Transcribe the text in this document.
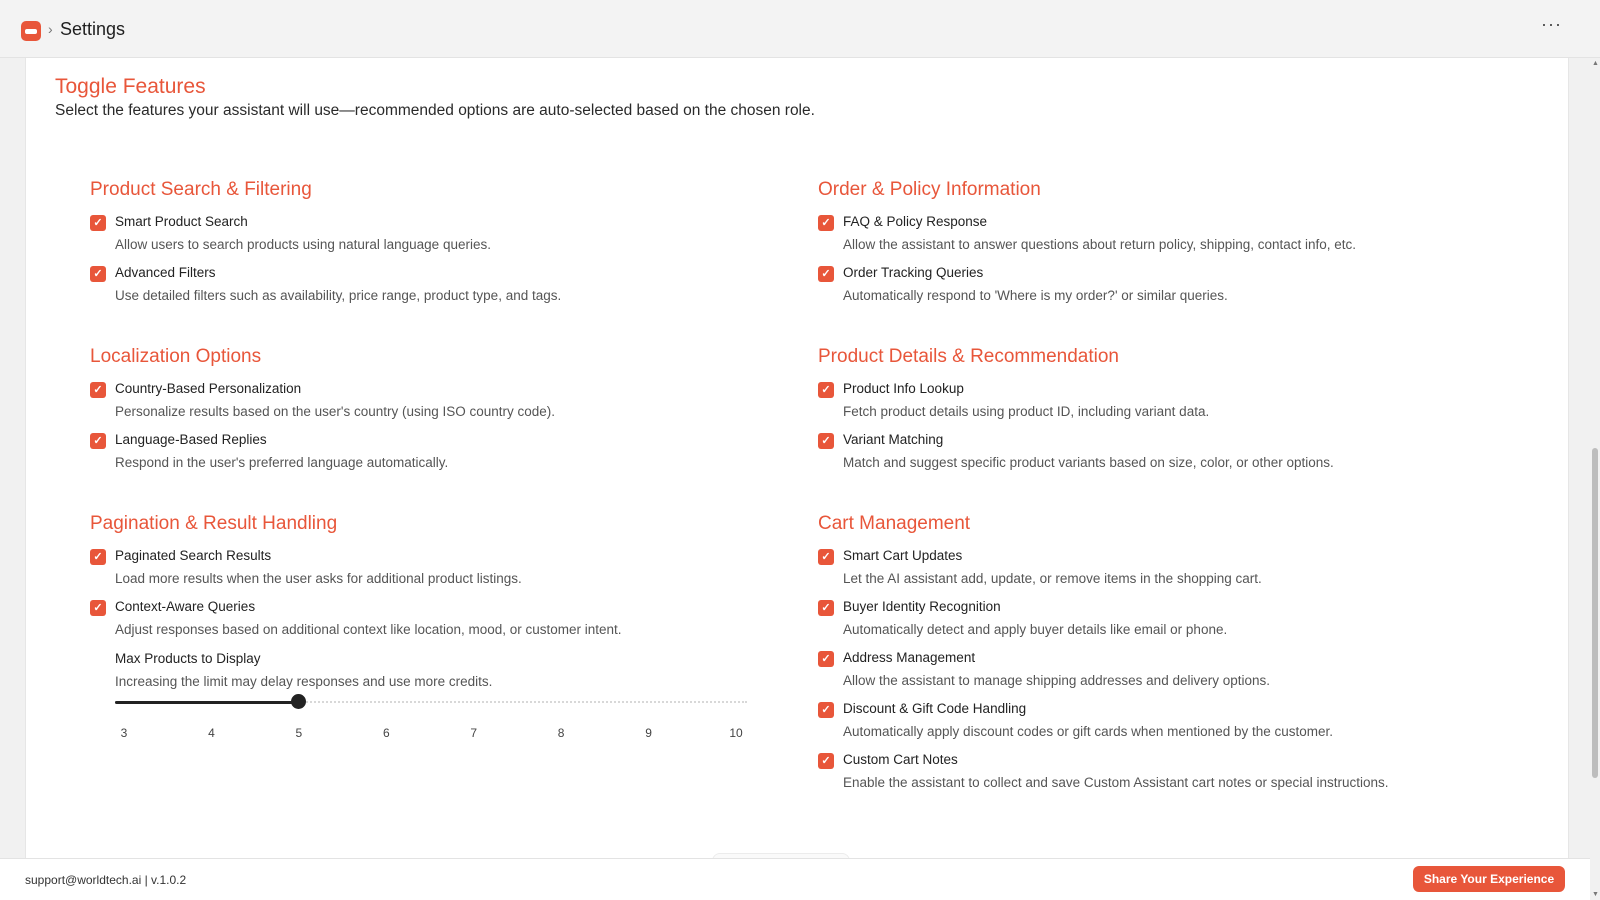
› Settings	···
Toggle Features
Select the features your assistant will use—recommended options are auto-selected based on the chosen role.
Product Search & Filtering
✓ Smart Product Search
Allow users to search products using natural language queries.
✓ Advanced Filters
Use detailed filters such as availability, price range, product type, and tags.
Localization Options
✓ Country-Based Personalization
Personalize results based on the user's country (using ISO country code).
✓ Language-Based Replies
Respond in the user's preferred language automatically.
Pagination & Result Handling
✓ Paginated Search Results
Load more results when the user asks for additional product listings.
✓ Context-Aware Queries
Adjust responses based on additional context like location, mood, or customer intent.
Max Products to Display
Increasing the limit may delay responses and use more credits.
3	4	5	6	7	8	9	10
Order & Policy Information
✓ FAQ & Policy Response
Allow the assistant to answer questions about return policy, shipping, contact info, etc.
✓ Order Tracking Queries
Automatically respond to 'Where is my order?' or similar queries.
Product Details & Recommendation
✓ Product Info Lookup
Fetch product details using product ID, including variant data.
✓ Variant Matching
Match and suggest specific product variants based on size, color, or other options.
Cart Management
✓ Smart Cart Updates
Let the AI assistant add, update, or remove items in the shopping cart.
✓ Buyer Identity Recognition
Automatically detect and apply buyer details like email or phone.
✓ Address Management
Allow the assistant to manage shipping addresses and delivery options.
✓ Discount & Gift Code Handling
Automatically apply discount codes or gift cards when mentioned by the customer.
✓ Custom Cart Notes
Enable the assistant to collect and save Custom Assistant cart notes or special instructions.
▲
▼
support@worldtech.ai | v.1.0.2	Share Your Experience
